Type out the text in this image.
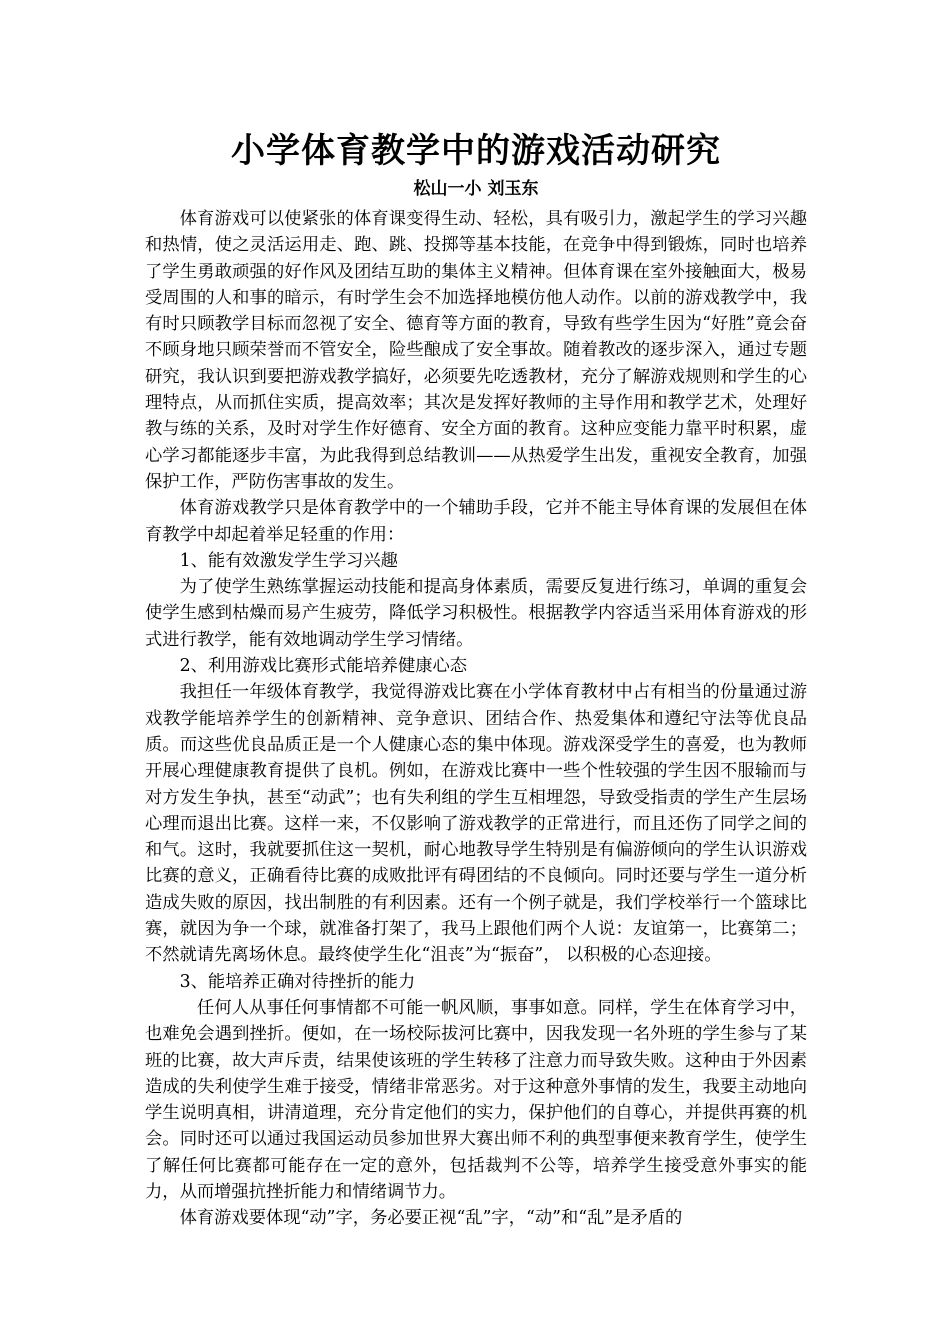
小学体育教学中的游戏活动研究
松山一小 刘玉东

体育游戏可以使紧张的体育课变得生动、轻松，具有吸引力，激起学生的学习兴趣和热情，使之灵活运用走、跑、跳、投掷等基本技能，在竞争中得到锻炼，同时也培养了学生勇敢顽强的好作风及团结互助的集体主义精神。但体育课在室外接触面大，极易受周围的人和事的暗示，有时学生会不加选择地模仿他人动作。以前的游戏教学中，我有时只顾教学目标而忽视了安全、德育等方面的教育，导致有些学生因为“好胜”竟会奋不顾身地只顾荣誉而不管安全，险些酿成了安全事故。随着教改的逐步深入，通过专题研究，我认识到要把游戏教学搞好，必须要先吃透教材，充分了解游戏规则和学生的心理特点，从而抓住实质，提高效率；其次是发挥好教师的主导作用和教学艺术，处理好教与练的关系，及时对学生作好德育、安全方面的教育。这种应变能力靠平时积累，虚心学习都能逐步丰富，为此我得到总结教训——从热爱学生出发，重视安全教育，加强保护工作，严防伤害事故的发生。

体育游戏教学只是体育教学中的一个辅助手段，它并不能主导体育课的发展但在体育教学中却起着举足轻重的作用：

1、能有效激发学生学习兴趣

为了使学生熟练掌握运动技能和提高身体素质，需要反复进行练习，单调的重复会使学生感到枯燥而易产生疲劳，降低学习积极性。根据教学内容适当采用体育游戏的形式进行教学，能有效地调动学生学习情绪。

2、利用游戏比赛形式能培养健康心态

我担任一年级体育教学，我觉得游戏比赛在小学体育教材中占有相当的份量通过游戏教学能培养学生的创新精神、竞争意识、团结合作、热爱集体和遵纪守法等优良品质。而这些优良品质正是一个人健康心态的集中体现。游戏深受学生的喜爱，也为教师开展心理健康教育提供了良机。例如，在游戏比赛中一些个性较强的学生因不服输而与对方发生争执，甚至“动武”；也有失利组的学生互相埋怨，导致受指责的学生产生层场心理而退出比赛。这样一来，不仅影响了游戏教学的正常进行，而且还伤了同学之间的和气。这时，我就要抓住这一契机，耐心地教导学生特别是有偏游倾向的学生认识游戏比赛的意义，正确看待比赛的成败批评有碍团结的不良倾向。同时还要与学生一道分析造成失败的原因，找出制胜的有利因素。还有一个例子就是，我们学校举行一个篮球比赛，就因为争一个球，就准备打架了，我马上跟他们两个人说：友谊第一，比赛第二；不然就请先离场休息。最终使学生化“沮丧”为“振奋”， 以积极的心态迎接。

3、能培养正确对待挫折的能力

任何人从事任何事情都不可能一帆风顺，事事如意。同样，学生在体育学习中，也难免会遇到挫折。便如，在一场校际拔河比赛中，因我发现一名外班的学生参与了某班的比赛，故大声斥责，结果使该班的学生转移了注意力而导致失败。这种由于外因素造成的失利使学生难于接受，情绪非常恶劣。对于这种意外事情的发生，我要主动地向学生说明真相，讲清道理，充分肯定他们的实力，保护他们的自尊心，并提供再赛的机会。同时还可以通过我国运动员参加世界大赛出师不利的典型事便来教育学生，使学生了解任何比赛都可能存在一定的意外，包括裁判不公等，培养学生接受意外事实的能力，从而增强抗挫折能力和情绪调节力。

体育游戏要体现“动”字，务必要正视“乱”字，“动”和“乱”是矛盾的
